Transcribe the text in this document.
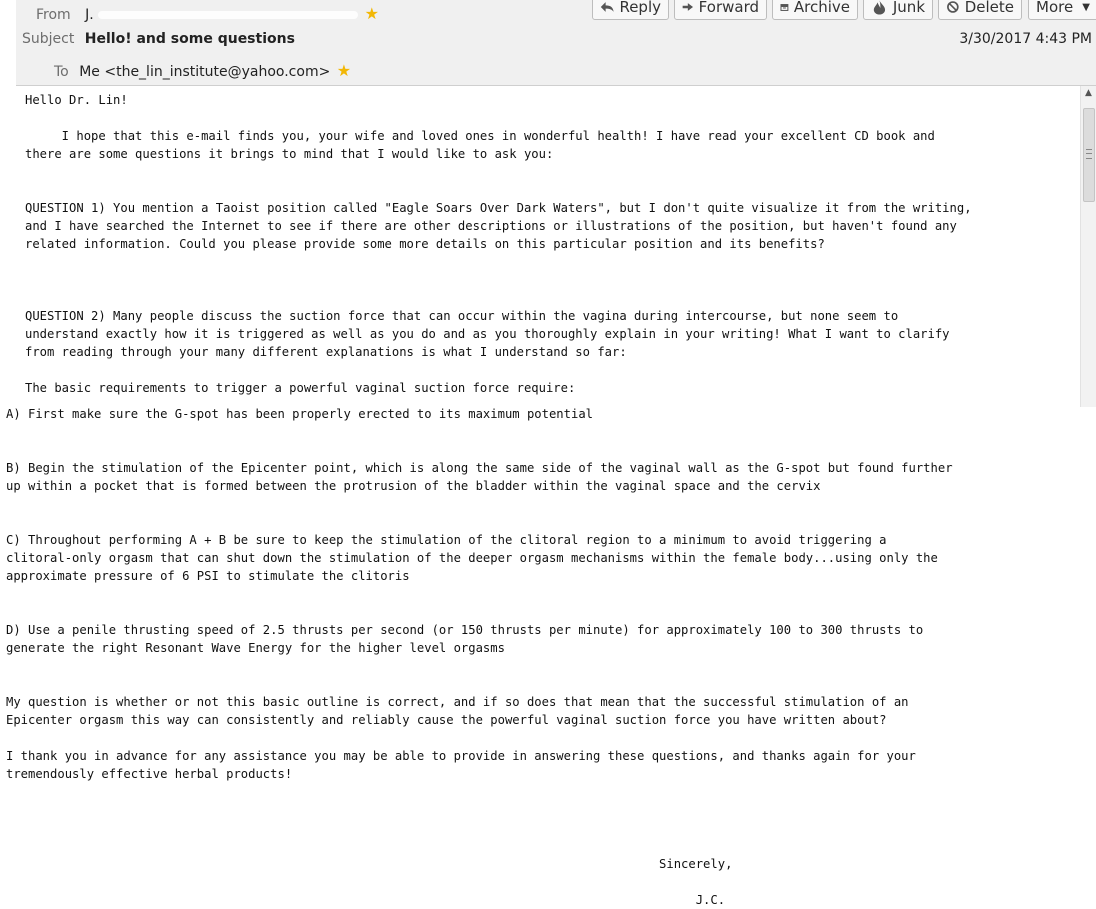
From J.	★
Subject Hello! and some questions	3/30/2017 4:43 PM
To Me <the_lin_institute@yahoo.com> ★
Reply	Forward Archive	Junk	Delete More ▼
Hello Dr. Lin!

I hope that this e-mail finds you, your wife and loved ones in wonderful health! I have read your excellent CD book and
there are some questions it brings to mind that I would like to ask you:

QUESTION 1) You mention a Taoist position called "Eagle Soars Over Dark Waters", but I don't quite visualize it from the writing,
and I have searched the Internet to see if there are other descriptions or illustrations of the position, but haven't found any
related information. Could you please provide some more details on this particular position and its benefits?

QUESTION 2) Many people discuss the suction force that can occur within the vagina during intercourse, but none seem to
understand exactly how it is triggered as well as you do and as you thoroughly explain in your writing! What I want to clarify
from reading through your many different explanations is what I understand so far:

The basic requirements to trigger a powerful vaginal suction force require:
A) First make sure the G-spot has been properly erected to its maximum potential

B) Begin the stimulation of the Epicenter point, which is along the same side of the vaginal wall as the G-spot but found further
up within a pocket that is formed between the protrusion of the bladder within the vaginal space and the cervix

C) Throughout performing A + B be sure to keep the stimulation of the clitoral region to a minimum to avoid triggering a
clitoral-only orgasm that can shut down the stimulation of the deeper orgasm mechanisms within the female body...using only the
approximate pressure of 6 PSI to stimulate the clitoris

D) Use a penile thrusting speed of 2.5 thrusts per second (or 150 thrusts per minute) for approximately 100 to 300 thrusts to
generate the right Resonant Wave Energy for the higher level orgasms

My question is whether or not this basic outline is correct, and if so does that mean that the successful stimulation of an
Epicenter orgasm this way can consistently and reliably cause the powerful vaginal suction force you have written about?

I thank you in advance for any assistance you may be able to provide in answering these questions, and thanks again for your
tremendously effective herbal products!

Sincerely,

J.C.
▲
